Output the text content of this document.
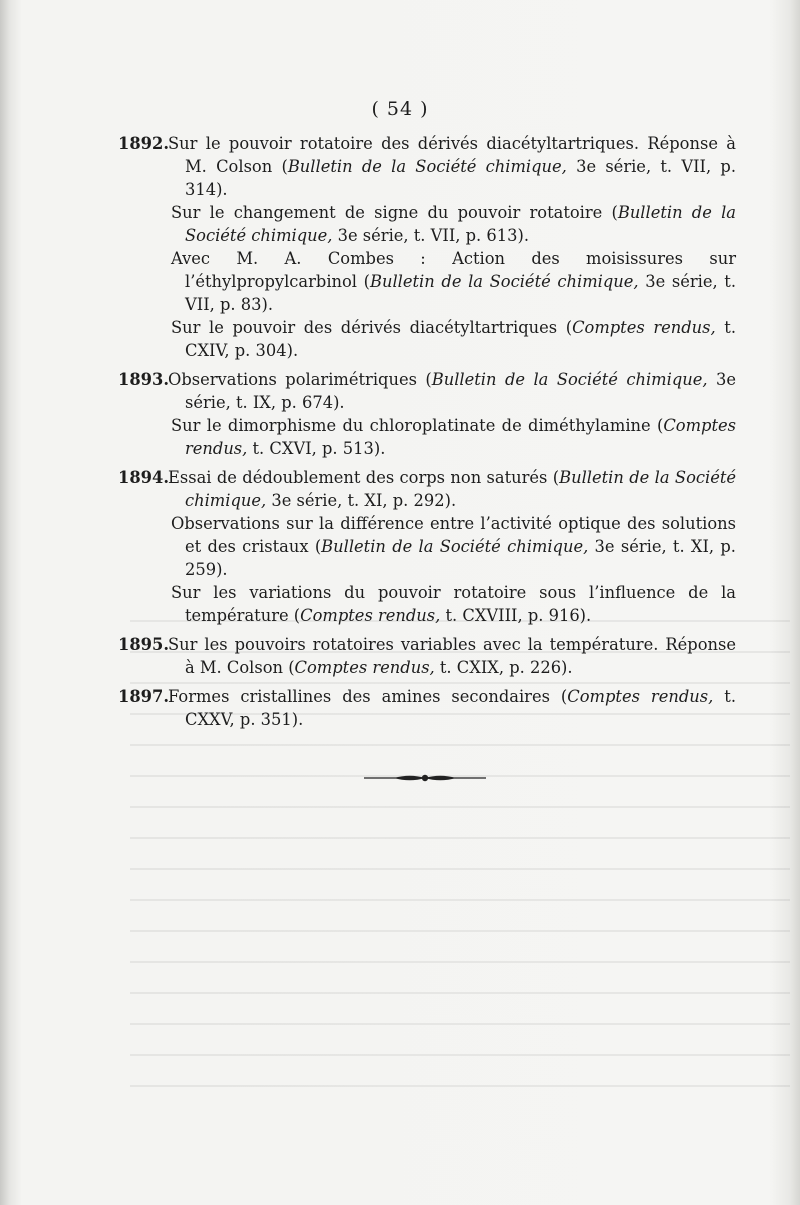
( 54 )
1892.Sur le pouvoir rotatoire des dérivés diacétyltartriques. Réponse à M. Colson (Bulletin de la Société chimique, 3e série, t. VII, p. 314).
Sur le changement de signe du pouvoir rotatoire (Bulletin de la Société chimique, 3e série, t. VII, p. 613).
Avec M. A. Combes : Action des moisissures sur l’éthylpropylcarbinol (Bulletin de la Société chimique, 3e série, t. VII, p. 83).
Sur le pouvoir des dérivés diacétyltartriques (Comptes rendus, t. CXIV, p. 304).
1893.Observations polarimétriques (Bulletin de la Société chimique, 3e série, t. IX, p. 674).
Sur le dimorphisme du chloroplatinate de diméthylamine (Comptes rendus, t. CXVI, p. 513).
1894.Essai de dédoublement des corps non saturés (Bulletin de la Société chimique, 3e série, t. XI, p. 292).
Observations sur la différence entre l’activité optique des solutions et des cristaux (Bulletin de la Société chimique, 3e série, t. XI, p. 259).
Sur les variations du pouvoir rotatoire sous l’influence de la température (Comptes rendus, t. CXVIII, p. 916).
1895.Sur les pouvoirs rotatoires variables avec la température. Réponse à M. Colson (Comptes rendus, t. CXIX, p. 226).
1897.Formes cristallines des amines secondaires (Comptes rendus, t. CXXV, p. 351).
